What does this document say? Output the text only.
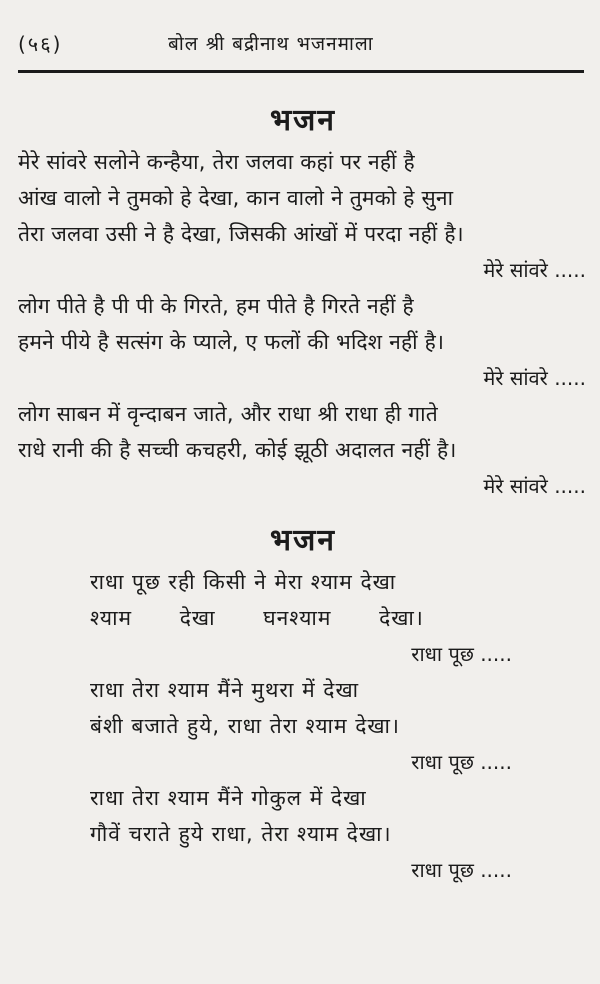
(५६)	बोल श्री बद्रीनाथ भजनमाला
भजन
मेरे सांवरे सलोने कन्हैया, तेरा जलवा कहां पर नहीं है
आंख वालो ने तुमको हे देखा, कान वालो ने तुमको हे सुना
तेरा जलवा उसी ने है देखा, जिसकी आंखों में परदा नहीं है।
मेरे सांवरे .....
लोग पीते है पी पी के गिरते, हम पीते है गिरते नहीं है
हमने पीये है सत्संग के प्याले, ए फलों की भदिश नहीं है।
मेरे सांवरे .....
लोग साबन में वृन्दाबन जाते, और राधा श्री राधा ही गाते
राधे रानी की है सच्ची कचहरी, कोई झूठी अदालत नहीं है।
मेरे सांवरे .....
भजन
राधा पूछ रही किसी ने मेरा श्याम देखा
श्याम देखा घनश्याम देखा।
राधा पूछ .....
राधा तेरा श्याम मैंने मुथरा में देखा
बंशी बजाते हुये, राधा तेरा श्याम देखा।
राधा पूछ .....
राधा तेरा श्याम मैंने गोकुल में देखा
गौवें चराते हुये राधा, तेरा श्याम देखा।
राधा पूछ .....
